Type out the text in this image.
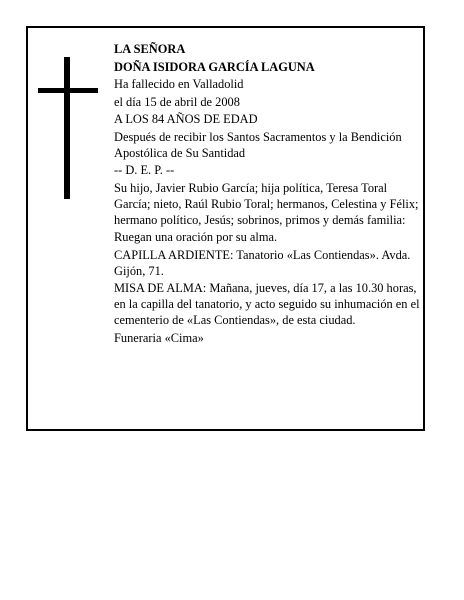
LA SEÑORA

DOÑA ISIDORA GARCÍA LAGUNA

Ha fallecido en Valladolid

el día 15 de abril de 2008

A LOS 84 AÑOS DE EDAD

Después de recibir los Santos Sacramentos y la Bendición Apostólica de Su Santidad

-- D. E. P. --

Su hijo, Javier Rubio García; hija política, Teresa Toral García; nieto, Raúl Rubio Toral; hermanos, Celestina y Félix; hermano político, Jesús; sobrinos, primos y demás familia:

Ruegan una oración por su alma.

CAPILLA ARDIENTE: Tanatorio «Las Contiendas». Avda. Gijón, 71.

MISA DE ALMA: Mañana, jueves, día 17, a las 10.30 horas, en la capilla del tanatorio, y acto seguido su inhumación en el cementerio de «Las Contiendas», de esta ciudad.

Funeraria «Cima»
